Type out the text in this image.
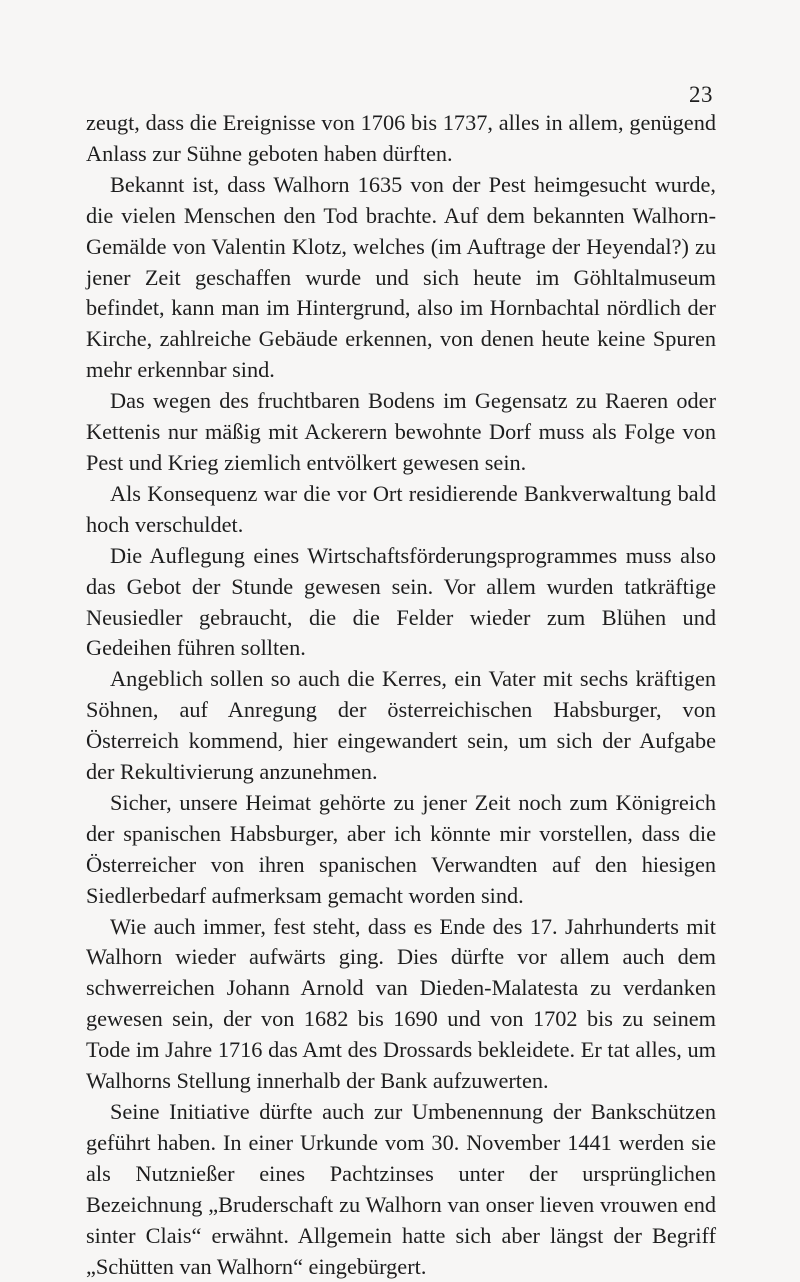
23

zeugt, dass die Ereignisse von 1706 bis 1737, alles in allem, genügend Anlass zur Sühne geboten haben dürften.

Bekannt ist, dass Walhorn 1635 von der Pest heimgesucht wurde, die vielen Menschen den Tod brachte. Auf dem bekannten Walhorn-Gemälde von Valentin Klotz, welches (im Auftrage der Heyendal?) zu jener Zeit geschaffen wurde und sich heute im Göhltalmuseum befindet, kann man im Hintergrund, also im Hornbachtal nördlich der Kirche, zahlreiche Gebäude erkennen, von denen heute keine Spuren mehr erkennbar sind.

Das wegen des fruchtbaren Bodens im Gegensatz zu Raeren oder Kettenis nur mäßig mit Ackerern bewohnte Dorf muss als Folge von Pest und Krieg ziemlich entvölkert gewesen sein.

Als Konsequenz war die vor Ort residierende Bankverwaltung bald hoch verschuldet.

Die Auflegung eines Wirtschaftsförderungsprogrammes muss also das Gebot der Stunde gewesen sein. Vor allem wurden tatkräftige Neusiedler gebraucht, die die Felder wieder zum Blühen und Gedeihen führen sollten.

Angeblich sollen so auch die Kerres, ein Vater mit sechs kräftigen Söhnen, auf Anregung der österreichischen Habsburger, von Österreich kommend, hier eingewandert sein, um sich der Aufgabe der Rekultivierung anzunehmen.

Sicher, unsere Heimat gehörte zu jener Zeit noch zum Königreich der spanischen Habsburger, aber ich könnte mir vorstellen, dass die Österreicher von ihren spanischen Verwandten auf den hiesigen Siedlerbedarf aufmerksam gemacht worden sind.

Wie auch immer, fest steht, dass es Ende des 17. Jahrhunderts mit Walhorn wieder aufwärts ging. Dies dürfte vor allem auch dem schwerreichen Johann Arnold van Dieden-Malatesta zu verdanken gewesen sein, der von 1682 bis 1690 und von 1702 bis zu seinem Tode im Jahre 1716 das Amt des Drossards bekleidete. Er tat alles, um Walhorns Stellung innerhalb der Bank aufzuwerten.

Seine Initiative dürfte auch zur Umbenennung der Bankschützen geführt haben. In einer Urkunde vom 30. November 1441 werden sie als Nutznießer eines Pachtzinses unter der ursprünglichen Bezeichnung „Bruderschaft zu Walhorn van onser lieven vrouwen end sinter Clais“ erwähnt. Allgemein hatte sich aber längst der Begriff „Schütten van Walhorn“ eingebürgert.
